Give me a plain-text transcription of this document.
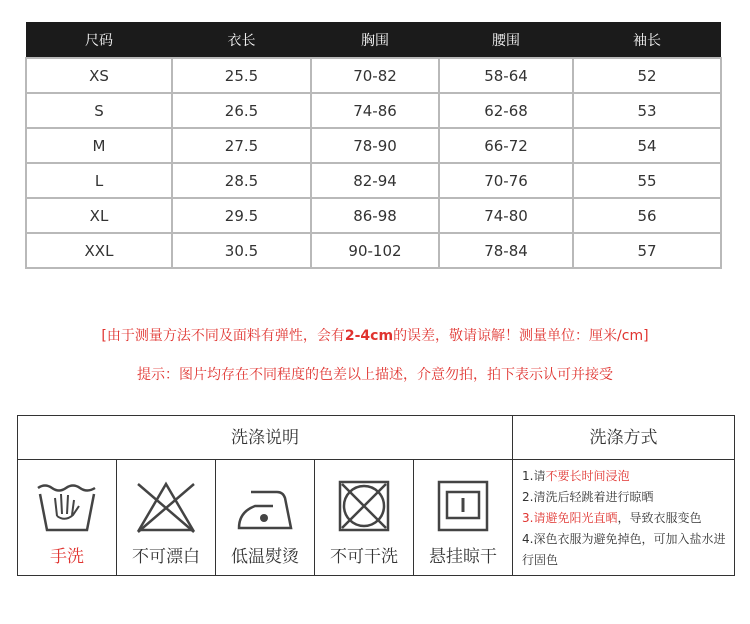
尺码	衣长	胸围	腰围	袖长
XS	25.5	70-82	58-64	52
S	26.5	74-86	62-68	53
M	27.5	78-90	66-72	54
L	28.5	82-94	70-76	55
XL	29.5	86-98	74-80	56
XXL	30.5	90-102	78-84	57
[由于测量方法不同及面料有弹性，会有2-4cm的误差，敬请谅解！测量单位：厘米/cm]
提示：图片均存在不同程度的色差以上描述，介意勿拍，拍下表示认可并接受
洗涤说明	洗涤方式
手洗	不可漂白	低温熨烫	不可干洗	悬挂晾干
1.请不要长时间浸泡
2.清洗后轻跳着进行晾晒
3.请避免阳光直晒，导致衣服变色
4.深色衣服为避免掉色，可加入盐水进行固色
